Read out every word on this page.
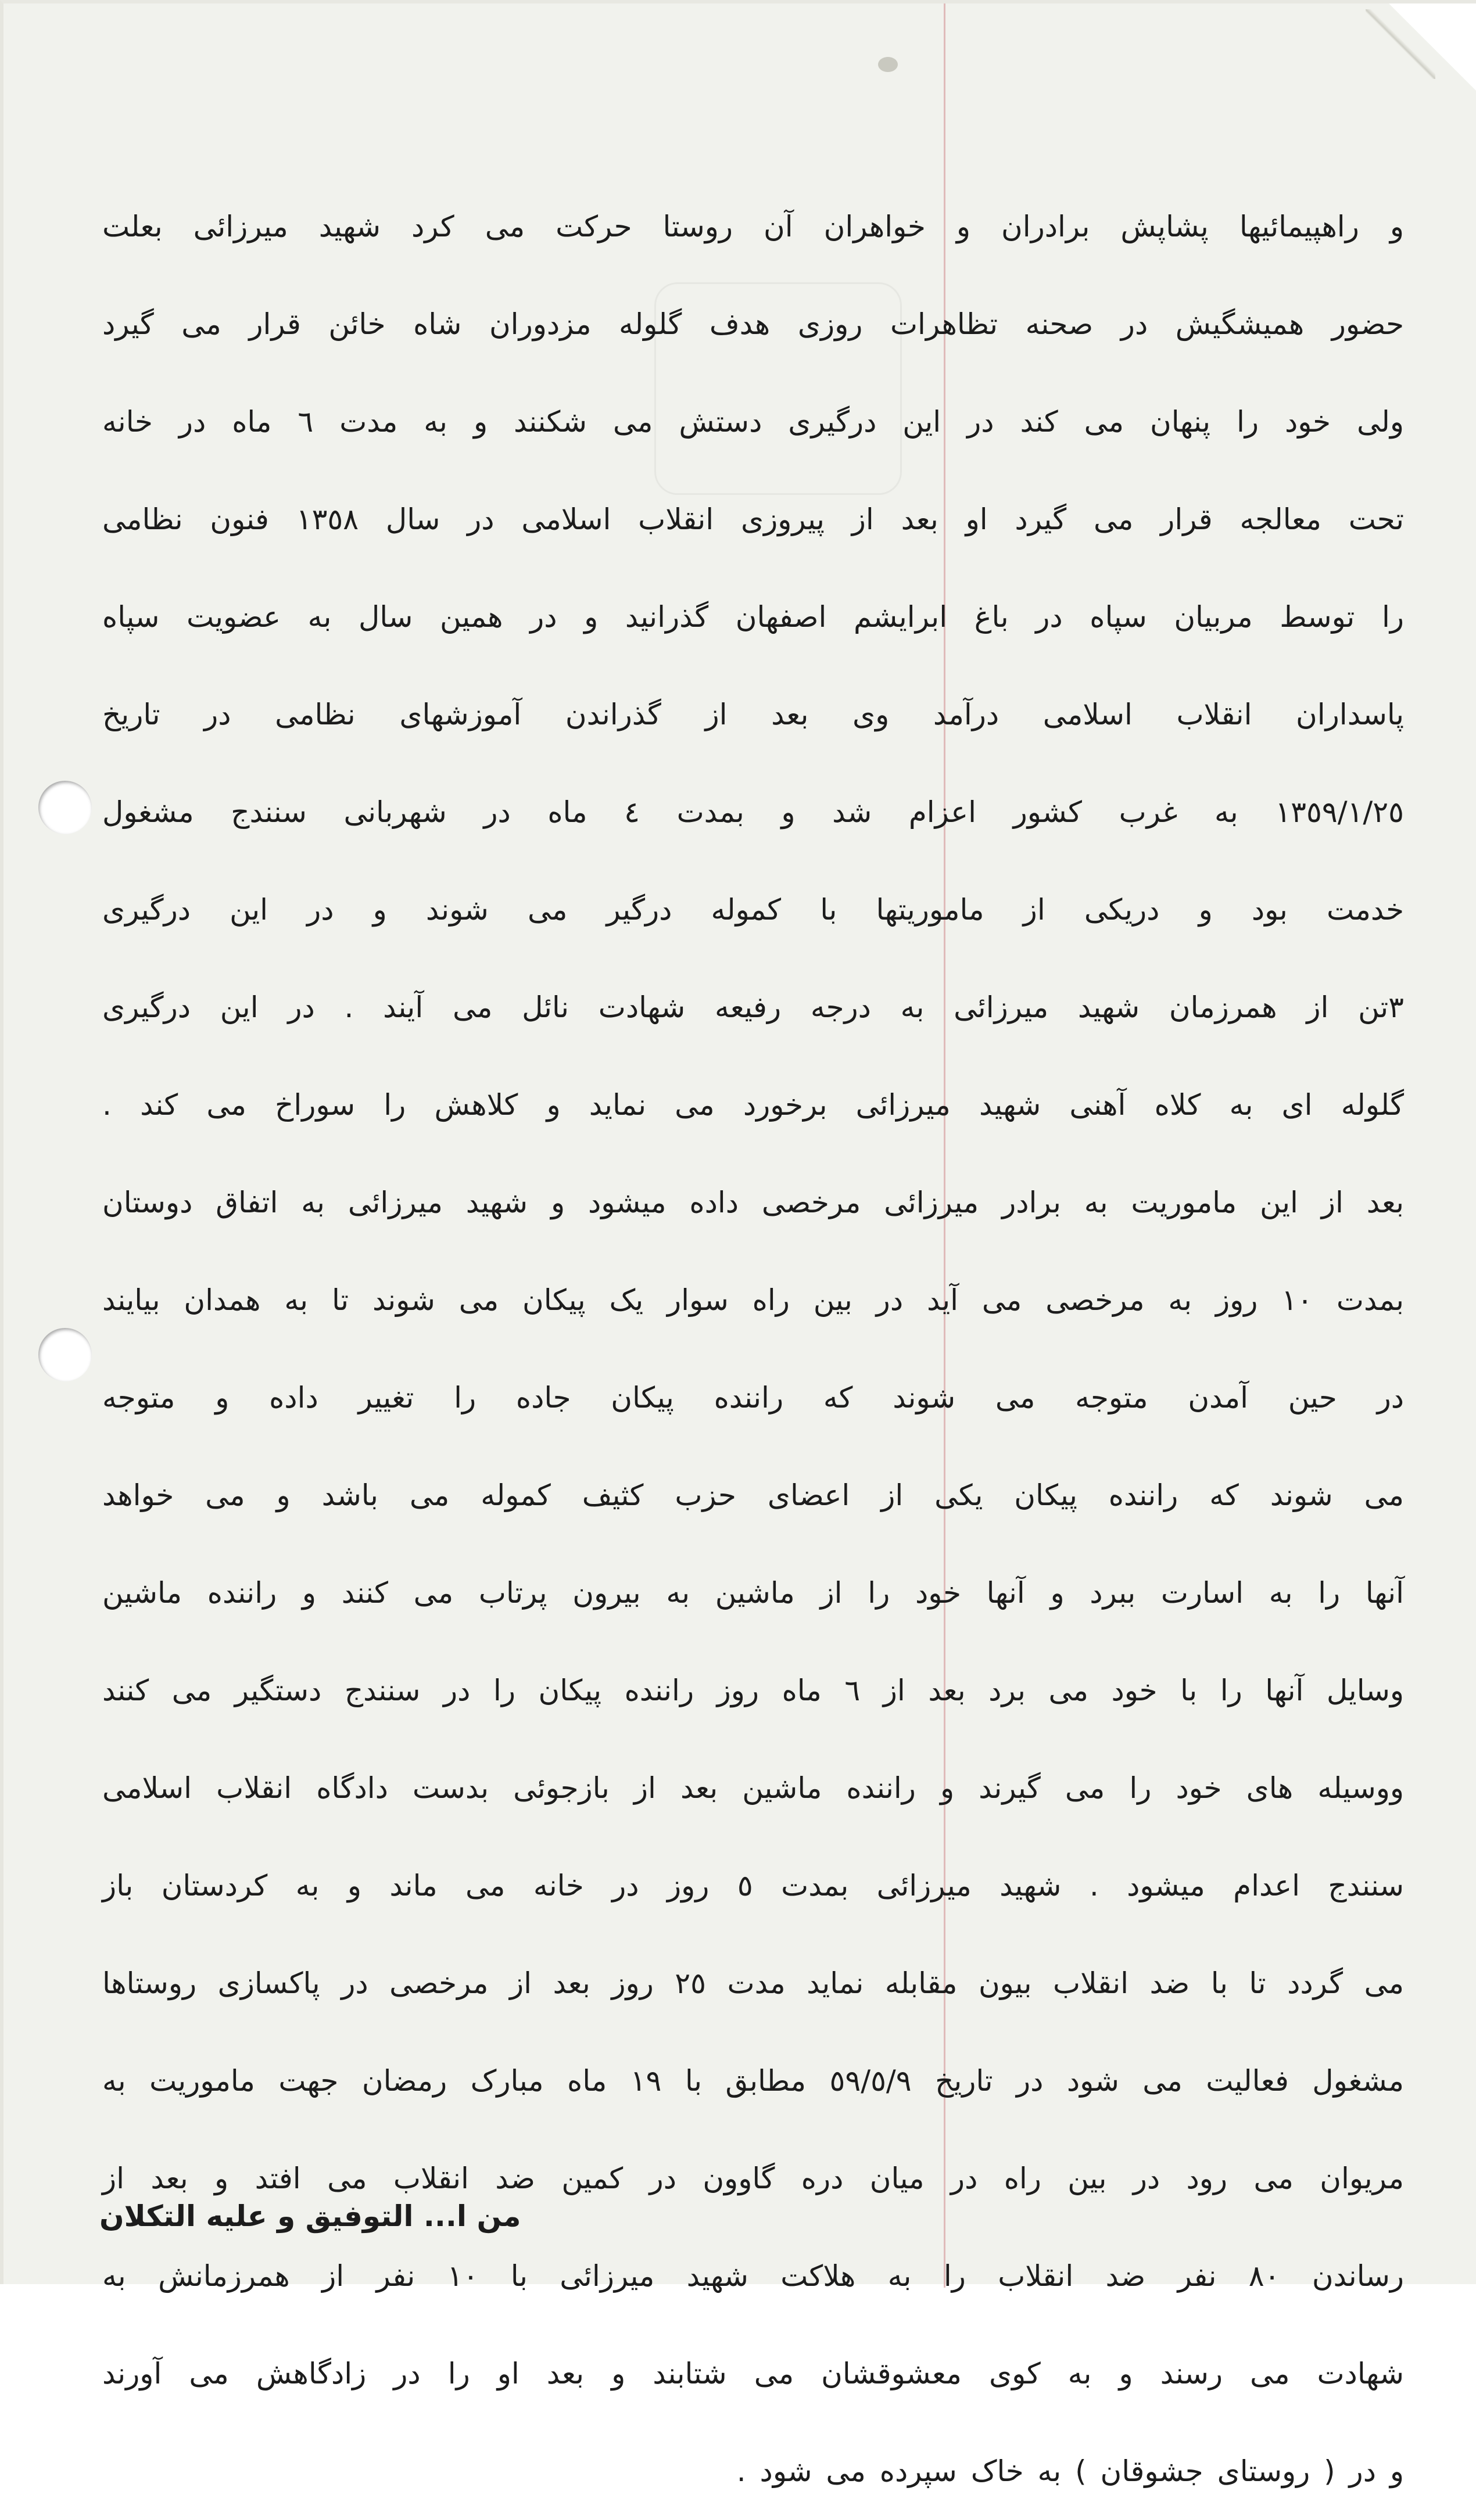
و راهپیمائیها پشاپش برادران و خواهران آن روستا حرکت می کرد شهید میرزائی بعلت
حضور همیشگیش در صحنه تظاهرات روزی هدف گلوله مزدوران شاه خائن قرار می گیرد
ولی خود را پنهان می کند در این درگیری دستش می شکنند و به مدت ٦ ماه در خانه
تحت معالجه قرار می گیرد او بعد از پیروزی انقلاب اسلامی در سال ١٣٥٨ فنون نظامی
را توسط مربیان سپاه در باغ ابرایشم اصفهان گذرانید و در همین سال به عضویت سپاه
پاسداران انقلاب اسلامی درآمد وی بعد از گذراندن آموزشهای نظامی در تاریخ
١٣٥٩/١/٢٥ به غرب کشور اعزام شد و بمدت ٤ ماه در شهربانی سنندج مشغول
خدمت بود و دریکی از ماموریتها با کموله درگیر می شوند و در این درگیری
٣تن از همرزمان شهید میرزائی به درجه رفیعه شهادت نائل می آیند . در این درگیری
گلوله ای به کلاه آهنی شهید میرزائی برخورد می نماید و کلاهش را سوراخ می کند .
بعد از این ماموریت به برادر میرزائی مرخصی داده میشود و شهید میرزائی به اتفاق دوستان
بمدت ١٠ روز به مرخصی می آید در بین راه سوار یک پیکان می شوند تا به همدان بیایند
در حین آمدن متوجه می شوند که راننده پیکان جاده را تغییر داده و متوجه
می شوند که راننده پیکان یکی از اعضای حزب کثیف کموله می باشد و می خواهد
آنها را به اسارت ببرد و آنها خود را از ماشین به بیرون پرتاب می کنند و راننده ماشین
وسایل آنها را با خود می برد بعد از ٦ ماه روز راننده پیکان را در سنندج دستگیر می کنند
ووسیله های خود را می گیرند و راننده ماشین بعد از بازجوئی بدست دادگاه انقلاب اسلامی
سنندج اعدام میشود . شهید میرزائی بمدت ٥ روز در خانه می ماند و به کردستان باز
می گردد تا با ضد انقلاب بیون مقابله نماید مدت ٢٥ روز بعد از مرخصی در پاکسازی روستاها
مشغول فعالیت می شود در تاریخ ٥٩/٥/٩ مطابق با ١٩ ماه مبارک رمضان جهت ماموریت به
مریوان می رود در بین راه در میان دره گاوون در کمین ضد انقلاب می افتد و بعد از
رساندن ٨٠ نفر ضد انقلاب را به هلاکت شهید میرزائی با ١٠ نفر از همرزمانش به
شهادت می رسند و به کوی معشوقشان می شتابند و بعد او را در زادگاهش می آورند
و در ( روستای جشوقان ) به خاک سپرده می شود .
من ا... التوفیق و علیه التکلان
